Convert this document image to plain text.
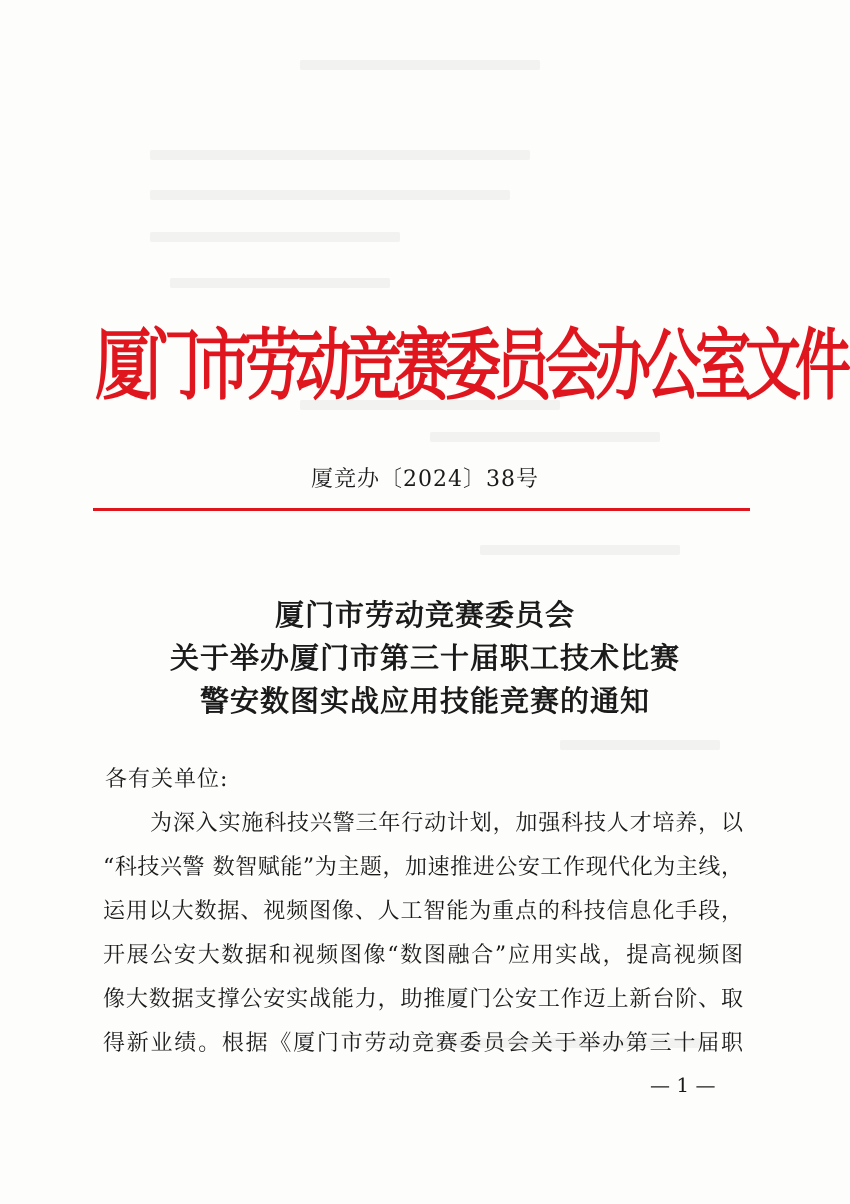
厦门市劳动竞赛委员会办公室文件
厦竞办〔2024〕38号
厦门市劳动竞赛委员会
关于举办厦门市第三十届职工技术比赛
警安数图实战应用技能竞赛的通知
各有关单位:
为深入实施科技兴警三年行动计划，加强科技人才培养，以
“科技兴警 数智赋能”为主题，加速推进公安工作现代化为主线，
运用以大数据、视频图像、人工智能为重点的科技信息化手段，
开展公安大数据和视频图像“数图融合”应用实战，提高视频图
像大数据支撑公安实战能力，助推厦门公安工作迈上新台阶、取
得新业绩。根据《厦门市劳动竞赛委员会关于举办第三十届职
— 1 —
